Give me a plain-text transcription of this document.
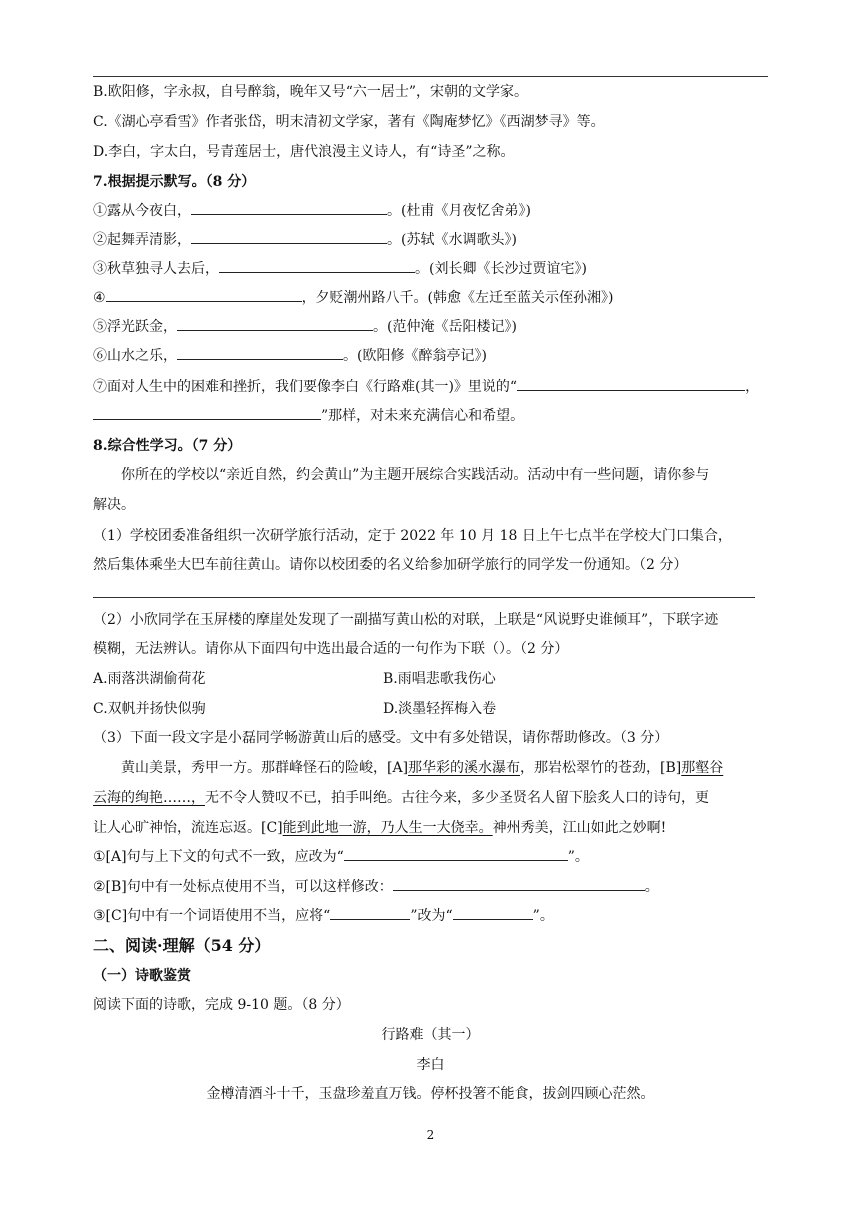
B.欧阳修，字永叔，自号醉翁，晚年又号“六一居士”，宋朝的文学家。
C.《湖心亭看雪》作者张岱，明末清初文学家，著有《陶庵梦忆》《西湖梦寻》等。
D.李白，字太白，号青莲居士，唐代浪漫主义诗人，有“诗圣”之称。
7.根据提示默写。（8 分）
①露从今夜白，	。(杜甫《月夜忆舍弟》)
②起舞弄清影，	。(苏轼《水调歌头》)
③秋草独寻人去后，	。(刘长卿《长沙过贾谊宅》)
④	，夕贬潮州路八千。(韩愈《左迁至蓝关示侄孙湘》)
⑤浮光跃金，	。(范仲淹《岳阳楼记》)
⑥山水之乐，	。(欧阳修《醉翁亭记》)
⑦面对人生中的困难和挫折，我们要像李白《行路难(其一)》里说的“	，
”那样，对未来充满信心和希望。
8.综合性学习。（7 分）
你所在的学校以“亲近自然，约会黄山”为主题开展综合实践活动。活动中有一些问题，请你参与
解决。
（1）学校团委准备组织一次研学旅行活动，定于 2022 年 10 月 18 日上午七点半在学校大门口集合，
然后集体乘坐大巴车前往黄山。请你以校团委的名义给参加研学旅行的同学发一份通知。（2 分）
（2）小欣同学在玉屏楼的摩崖处发现了一副描写黄山松的对联，上联是“风说野史谁倾耳”，下联字迹
模糊，无法辨认。请你从下面四句中选出最合适的一句作为下联（）。（2 分）
A.雨落洪湖偷荷花	B.雨唱悲歌我伤心
C.双帆并扬快似驹	D.淡墨轻挥梅入卷
（3）下面一段文字是小磊同学畅游黄山后的感受。文中有多处错误，请你帮助修改。（3 分）
黄山美景，秀甲一方。那群峰怪石的险峻，[A]那华彩的溪水瀑布，那岩松翠竹的苍劲，[B]那壑谷
云海的绚艳……，无不令人赞叹不已，拍手叫绝。古往今来，多少圣贤名人留下脍炙人口的诗句，更
让人心旷神怡，流连忘返。[C]能到此地一游，乃人生一大侥幸。神州秀美，江山如此之妙啊!
①[A]句与上下文的句式不一致，应改为“	”。
②[B]句中有一处标点使用不当，可以这样修改：	。
③[C]句中有一个词语使用不当，应将“	”改为“	”。
二、阅读·理解（54 分）
（一）诗歌鉴赏
阅读下面的诗歌，完成 9-10 题。（8 分）
行路难（其一）
李白
金樽清酒斗十千，玉盘珍羞直万钱。停杯投箸不能食，拔剑四顾心茫然。
2
